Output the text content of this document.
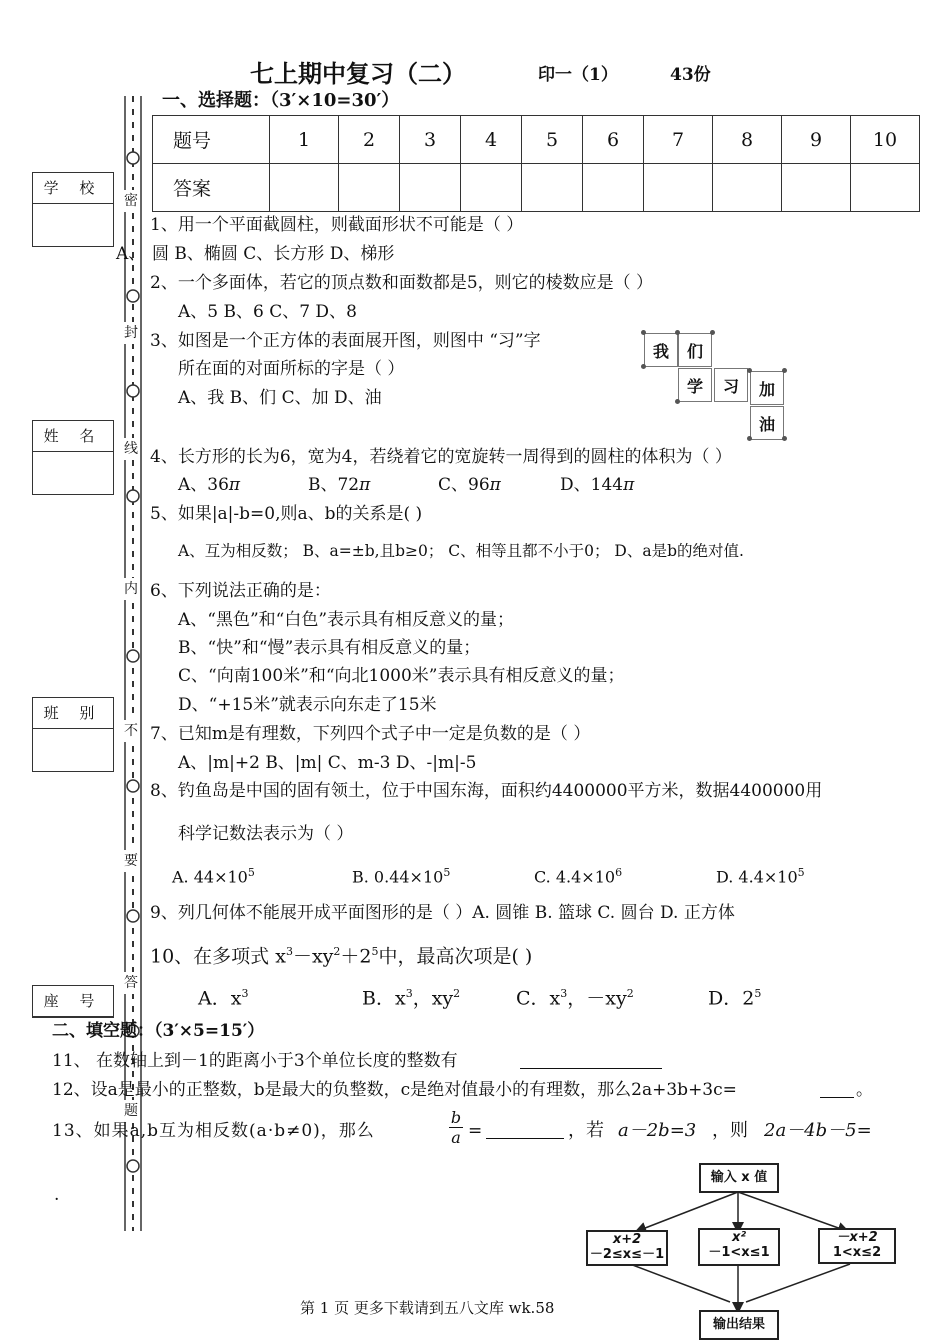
七上期中复习（二）	印一（1）	43份
学 校
姓 名
班 别
座 号
密
封
线
内
不
要
答
题
一、选择题：（3′×10=30′）
题号	1	2	3	4	5	6	7	8	9	10
答案										
1、用一个平面截圆柱，则截面形状不可能是（ ）
A、 圆 B、椭圆 C、长方形 D、梯形
2、一个多面体，若它的顶点数和面数都是5，则它的棱数应是（ ）
A、5 B、6 C、7 D、8
3、如图是一个正方体的表面展开图，则图中 “习”字
所在面的对面所标的字是（ ）
A、我 B、们 C、加 D、油
我	们
学	习	加
油
4、长方形的长为6，宽为4，若绕着它的宽旋转一周得到的圆柱的体积为（ ）
A、36π	B、72π	C、96π	D、144π
5、如果|a|-b=0,则a、b的关系是( )
A、互为相反数； B、a=±b,且b≥0； C、相等且都不小于0； D、a是b的绝对值.
6、下列说法正确的是：
A、“黑色”和“白色”表示具有相反意义的量；
B、“快”和“慢”表示具有相反意义的量；
C、“向南100米”和“向北1000米”表示具有相反意义的量；
D、“+15米”就表示向东走了15米
7、已知m是有理数，下列四个式子中一定是负数的是（ ）
A、|m|+2 B、|m| C、m-3 D、-|m|-5
8、钓鱼岛是中国的固有领土，位于中国东海，面积约4400000平方米，数据4400000用
科学记数法表示为（ ）
A. $44\times 10^5$	B. $0.44\times 10^5$	C. $4.4\times 10^6$	D. $4.4\times 10^5$
9、列几何体不能展开成平面图形的是（ ）A. 圆锥 B. 篮球 C. 圆台 D. 正方体
10、在多项式 $x^3-xy^2+2^5$中，最高次项是( )
A．$x^3$	B．$x^3$，$xy^2$	C．$x^3$，$-xy^2$	D．$2^5$
二、填空题：（3′×5=15′）
11、 在数轴上到－1的距离小于3个单位长度的整数有
12、设a是最小的正整数，b是最大的负整数，c是绝对值最小的有理数，那么2a+3b+3c=	。
13、如果a,b互为相反数(a·b≠0)，那么
b
a =	，若 a－2b=3 ，则 2a－4b－5=
.
输入 x 值
x+2
－2≤x≤－1
x²
－1<x≤1
－x+2
1<x≤2
输出结果
第 1 页 更多下载请到五八文库 wk.58
